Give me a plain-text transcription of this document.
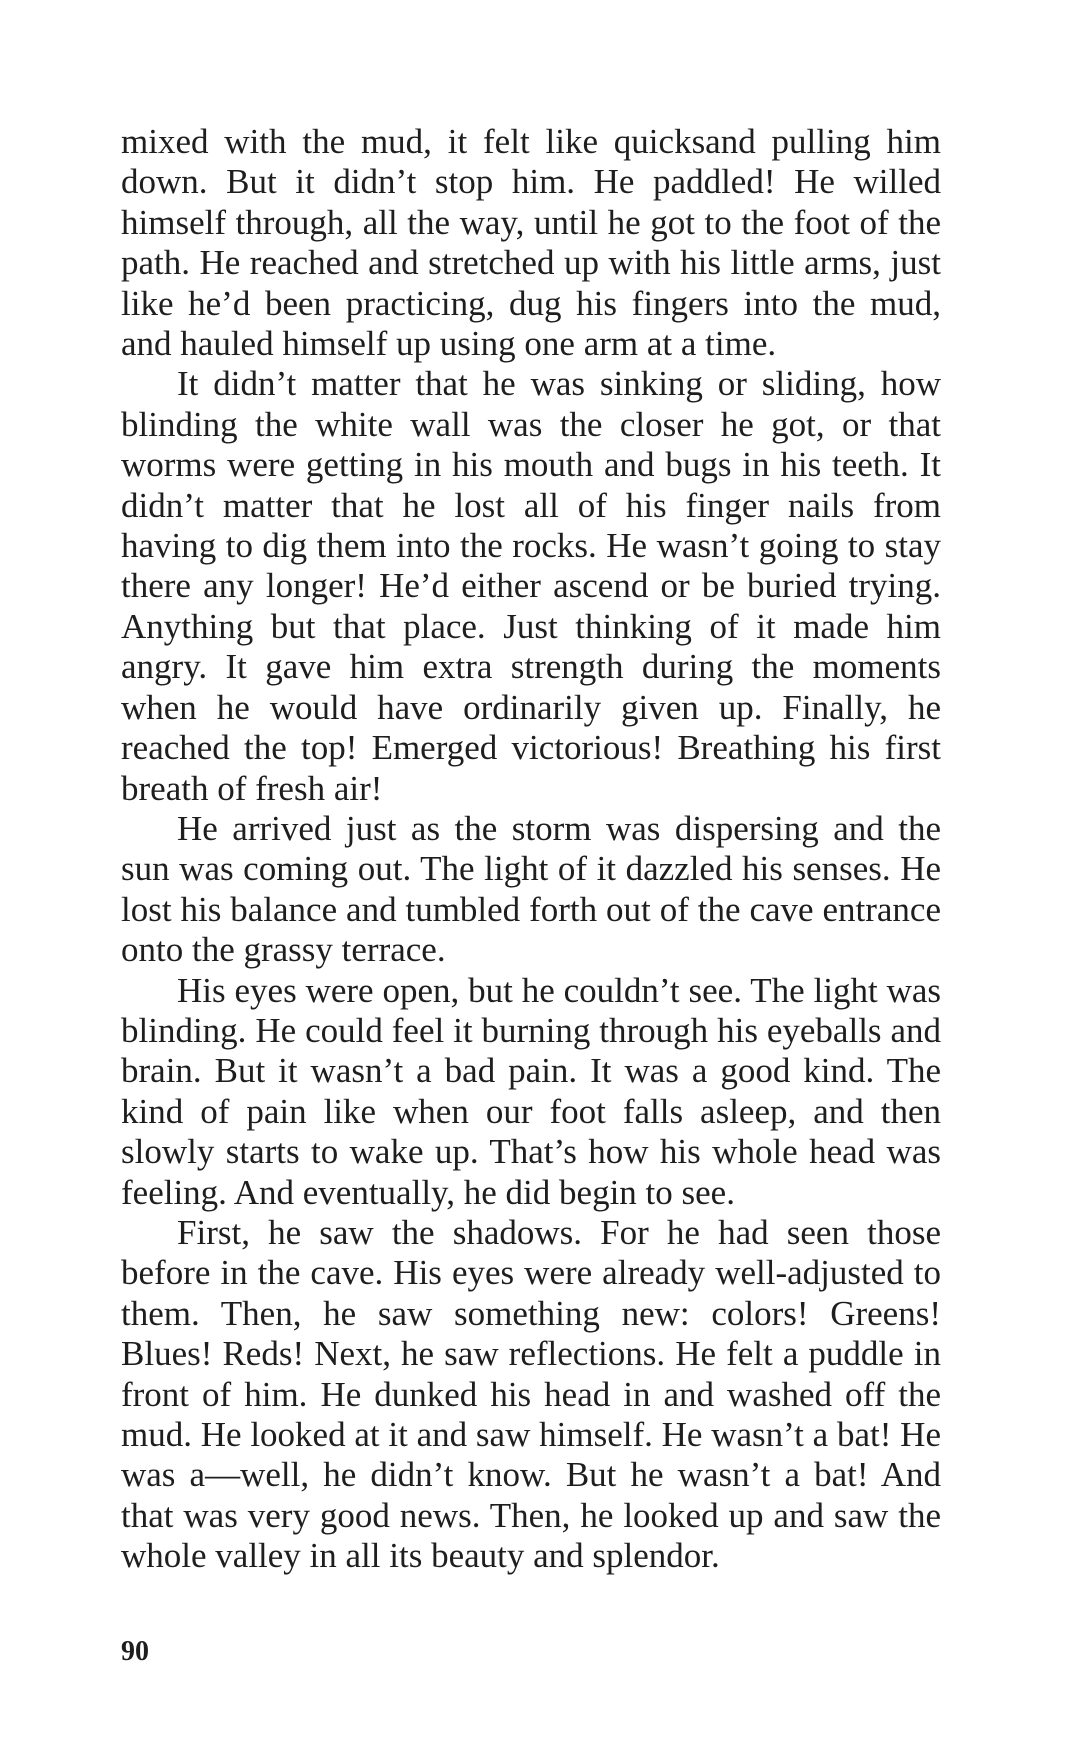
mixed with the mud, it felt like quicksand pulling him down. But it didn’t stop him. He paddled! He willed himself through, all the way, until he got to the foot of the path. He reached and stretched up with his little arms, just like he’d been practicing, dug his fingers into the mud, and hauled himself up using one arm at a time.

It didn’t matter that he was sinking or sliding, how blinding the white wall was the closer he got, or that worms were getting in his mouth and bugs in his teeth. It didn’t matter that he lost all of his finger nails from having to dig them into the rocks. He wasn’t going to stay there any longer! He’d either ascend or be buried trying. Anything but that place. Just thinking of it made him angry. It gave him extra strength during the moments when he would have ordinarily given up. Finally, he reached the top! Emerged victorious! Breathing his first breath of fresh air!

He arrived just as the storm was dispersing and the sun was coming out. The light of it dazzled his senses. He lost his balance and tumbled forth out of the cave entrance onto the grassy terrace.

His eyes were open, but he couldn’t see. The light was blinding. He could feel it burning through his eyeballs and brain. But it wasn’t a bad pain. It was a good kind. The kind of pain like when our foot falls asleep, and then slowly starts to wake up. That’s how his whole head was feeling. And eventually, he did begin to see.

First, he saw the shadows. For he had seen those before in the cave. His eyes were already well-adjusted to them. Then, he saw something new: colors! Greens! Blues! Reds! Next, he saw reflections. He felt a puddle in front of him. He dunked his head in and washed off the mud. He looked at it and saw himself. He wasn’t a bat! He was a—well, he didn’t know. But he wasn’t a bat! And that was very good news. Then, he looked up and saw the whole valley in all its beauty and splendor.

90
